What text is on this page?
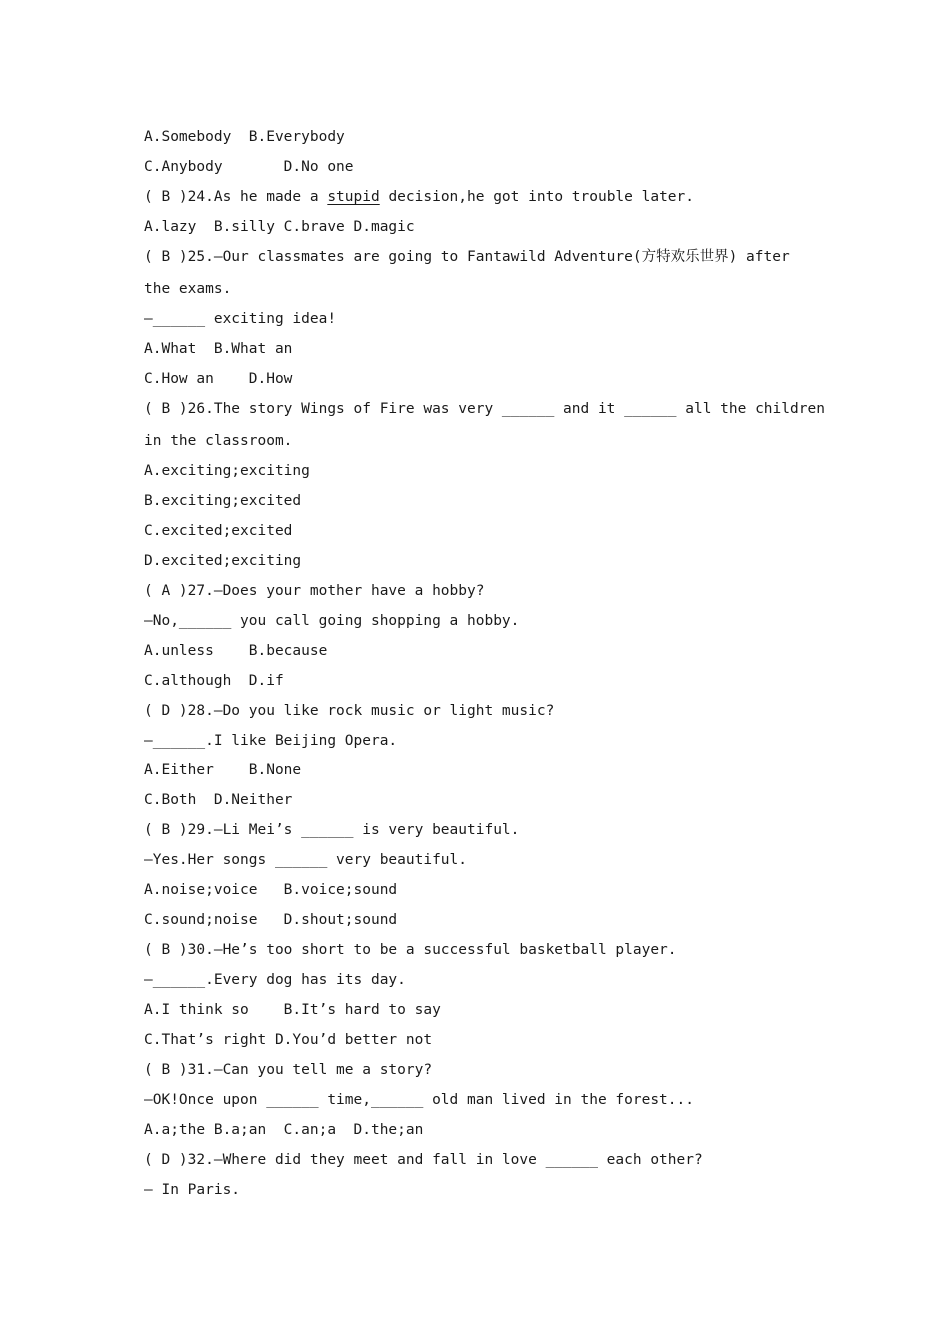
A.Somebody  B.Everybody
C.Anybody       D.No one
( B )24.As he made a stupid decision,he got into trouble later.
A.lazy  B.silly C.brave D.magic
( B )25.—Our classmates are going to Fantawild Adventure(方特欢乐世界) after
the exams.
—______ exciting idea!
A.What  B.What an
C.How an    D.How
( B )26.The story Wings of Fire was very ______ and it ______ all the children
in the classroom.
A.exciting;exciting
B.exciting;excited
C.excited;excited
D.excited;exciting
( A )27.—Does your mother have a hobby?
—No,______ you call going shopping a hobby.
A.unless    B.because
C.although  D.if
( D )28.—Do you like rock music or light music?
—______.I like Beijing Opera.
A.Either    B.None
C.Both  D.Neither
( B )29.—Li Mei’s ______ is very beautiful.
—Yes.Her songs ______ very beautiful.
A.noise;voice   B.voice;sound
C.sound;noise   D.shout;sound
( B )30.—He’s too short to be a successful basketball player.
—______.Every dog has its day.
A.I think so    B.It’s hard to say
C.That’s right D.You’d better not
( B )31.—Can you tell me a story?
—OK!Once upon ______ time,______ old man lived in the forest...
A.a;the B.a;an  C.an;a  D.the;an
( D )32.—Where did they meet and fall in love ______ each other?
— In Paris.
